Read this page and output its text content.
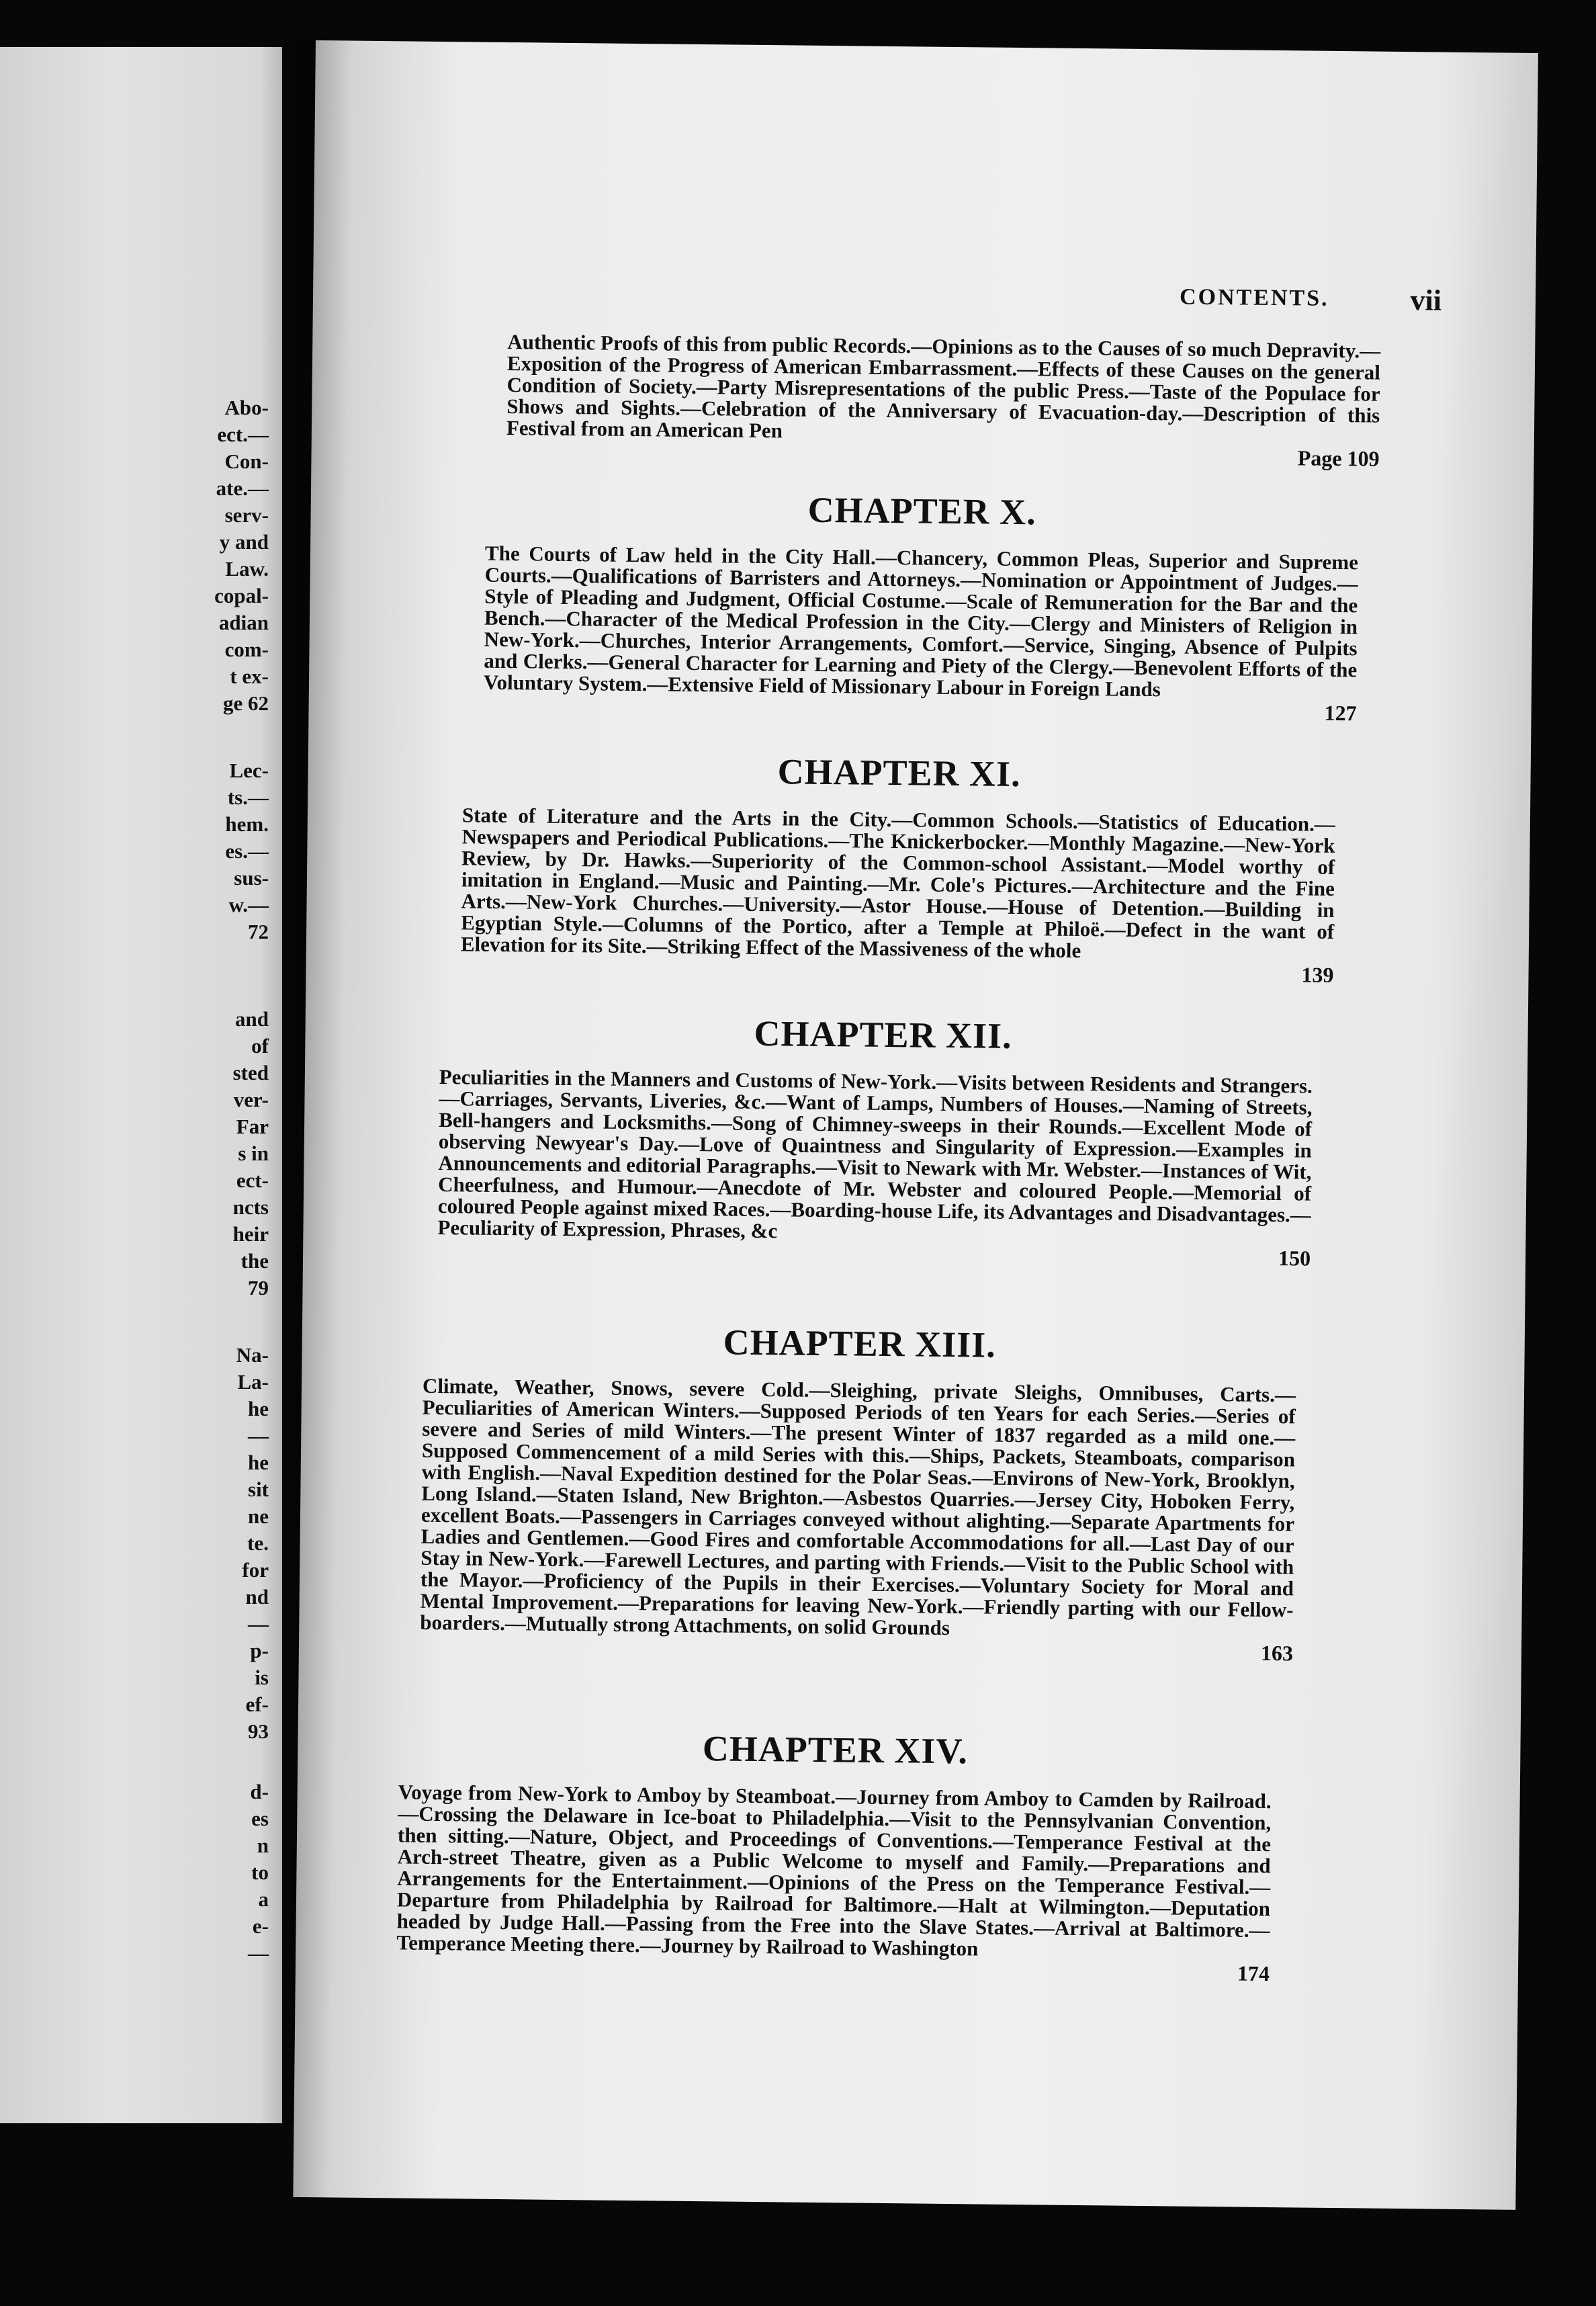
Abo-
ect.—
Con-
ate.—
serv-
y and
Law.
copal-
adian
com-
t ex-
ge 62
Lec-
ts.—
hem.
es.—
sus-
w.—
72
and
of
sted
ver-
Far
s in
ect-
ncts
heir
the
79
Na-
La-
he
—
he
sit
ne
te.
for
nd
—
p-
is
ef-
93
d-
es
n
to
a
e-
—
CONTENTS.	vii

Authentic Proofs of this from public Records.—Opinions as to the Causes of so much Depravity.—Exposition of the Progress of American Embarrassment.—Effects of these Causes on the general Condition of Society.—Party Misrepresentations of the public Press.—Taste of the Populace for Shows and Sights.—Celebration of the Anniversary of Evacuation-day.—Description of this Festival from an American Pen

Page 109
CHAPTER X.

The Courts of Law held in the City Hall.—Chancery, Common Pleas, Superior and Supreme Courts.—Qualifications of Barristers and Attorneys.—Nomination or Appointment of Judges.—Style of Pleading and Judgment, Official Costume.—Scale of Remuneration for the Bar and the Bench.—Character of the Medical Profession in the City.—Clergy and Ministers of Religion in New-York.—Churches, Interior Arrangements, Comfort.—Service, Singing, Absence of Pulpits and Clerks.—General Character for Learning and Piety of the Clergy.—Benevolent Efforts of the Voluntary System.—Extensive Field of Missionary Labour in Foreign Lands

127
CHAPTER XI.

State of Literature and the Arts in the City.—Common Schools.—Statistics of Education.—Newspapers and Periodical Publications.—The Knickerbocker.—Monthly Magazine.—New-York Review, by Dr. Hawks.—Superiority of the Common-school Assistant.—Model worthy of imitation in England.—Music and Painting.—Mr. Cole's Pictures.—Architecture and the Fine Arts.—New-York Churches.—University.—Astor House.—House of Detention.—Building in Egyptian Style.—Columns of the Portico, after a Temple at Philoë.—Defect in the want of Elevation for its Site.—Striking Effect of the Massiveness of the whole

139
CHAPTER XII.

Peculiarities in the Manners and Customs of New-York.—Visits between Residents and Strangers.—Carriages, Servants, Liveries, &c.—Want of Lamps, Numbers of Houses.—Naming of Streets, Bell-hangers and Locksmiths.—Song of Chimney-sweeps in their Rounds.—Excellent Mode of observing Newyear's Day.—Love of Quaintness and Singularity of Expression.—Examples in Announcements and editorial Paragraphs.—Visit to Newark with Mr. Webster.—Instances of Wit, Cheerfulness, and Humour.—Anecdote of Mr. Webster and coloured People.—Memorial of coloured People against mixed Races.—Boarding-house Life, its Advantages and Disadvantages.—Peculiarity of Expression, Phrases, &c

150
CHAPTER XIII.

Climate, Weather, Snows, severe Cold.—Sleighing, private Sleighs, Omnibuses, Carts.—Peculiarities of American Winters.—Supposed Periods of ten Years for each Series.—Series of severe and Series of mild Winters.—The present Winter of 1837 regarded as a mild one.—Supposed Commencement of a mild Series with this.—Ships, Packets, Steamboats, comparison with English.—Naval Expedition destined for the Polar Seas.—Environs of New-York, Brooklyn, Long Island.—Staten Island, New Brighton.—Asbestos Quarries.—Jersey City, Hoboken Ferry, excellent Boats.—Passengers in Carriages conveyed without alighting.—Separate Apartments for Ladies and Gentlemen.—Good Fires and comfortable Accommodations for all.—Last Day of our Stay in New-York.—Farewell Lectures, and parting with Friends.—Visit to the Public School with the Mayor.—Proficiency of the Pupils in their Exercises.—Voluntary Society for Moral and Mental Improvement.—Preparations for leaving New-York.—Friendly parting with our Fellow-boarders.—Mutually strong Attachments, on solid Grounds

163
CHAPTER XIV.

Voyage from New-York to Amboy by Steamboat.—Journey from Amboy to Camden by Railroad.—Crossing the Delaware in Ice-boat to Philadelphia.—Visit to the Pennsylvanian Convention, then sitting.—Nature, Object, and Proceedings of Conventions.—Temperance Festival at the Arch-street Theatre, given as a Public Welcome to myself and Family.—Preparations and Arrangements for the Entertainment.—Opinions of the Press on the Temperance Festival.—Departure from Philadelphia by Railroad for Baltimore.—Halt at Wilmington.—Deputation headed by Judge Hall.—Passing from the Free into the Slave States.—Arrival at Baltimore.—Temperance Meeting there.—Journey by Railroad to Washington

174
